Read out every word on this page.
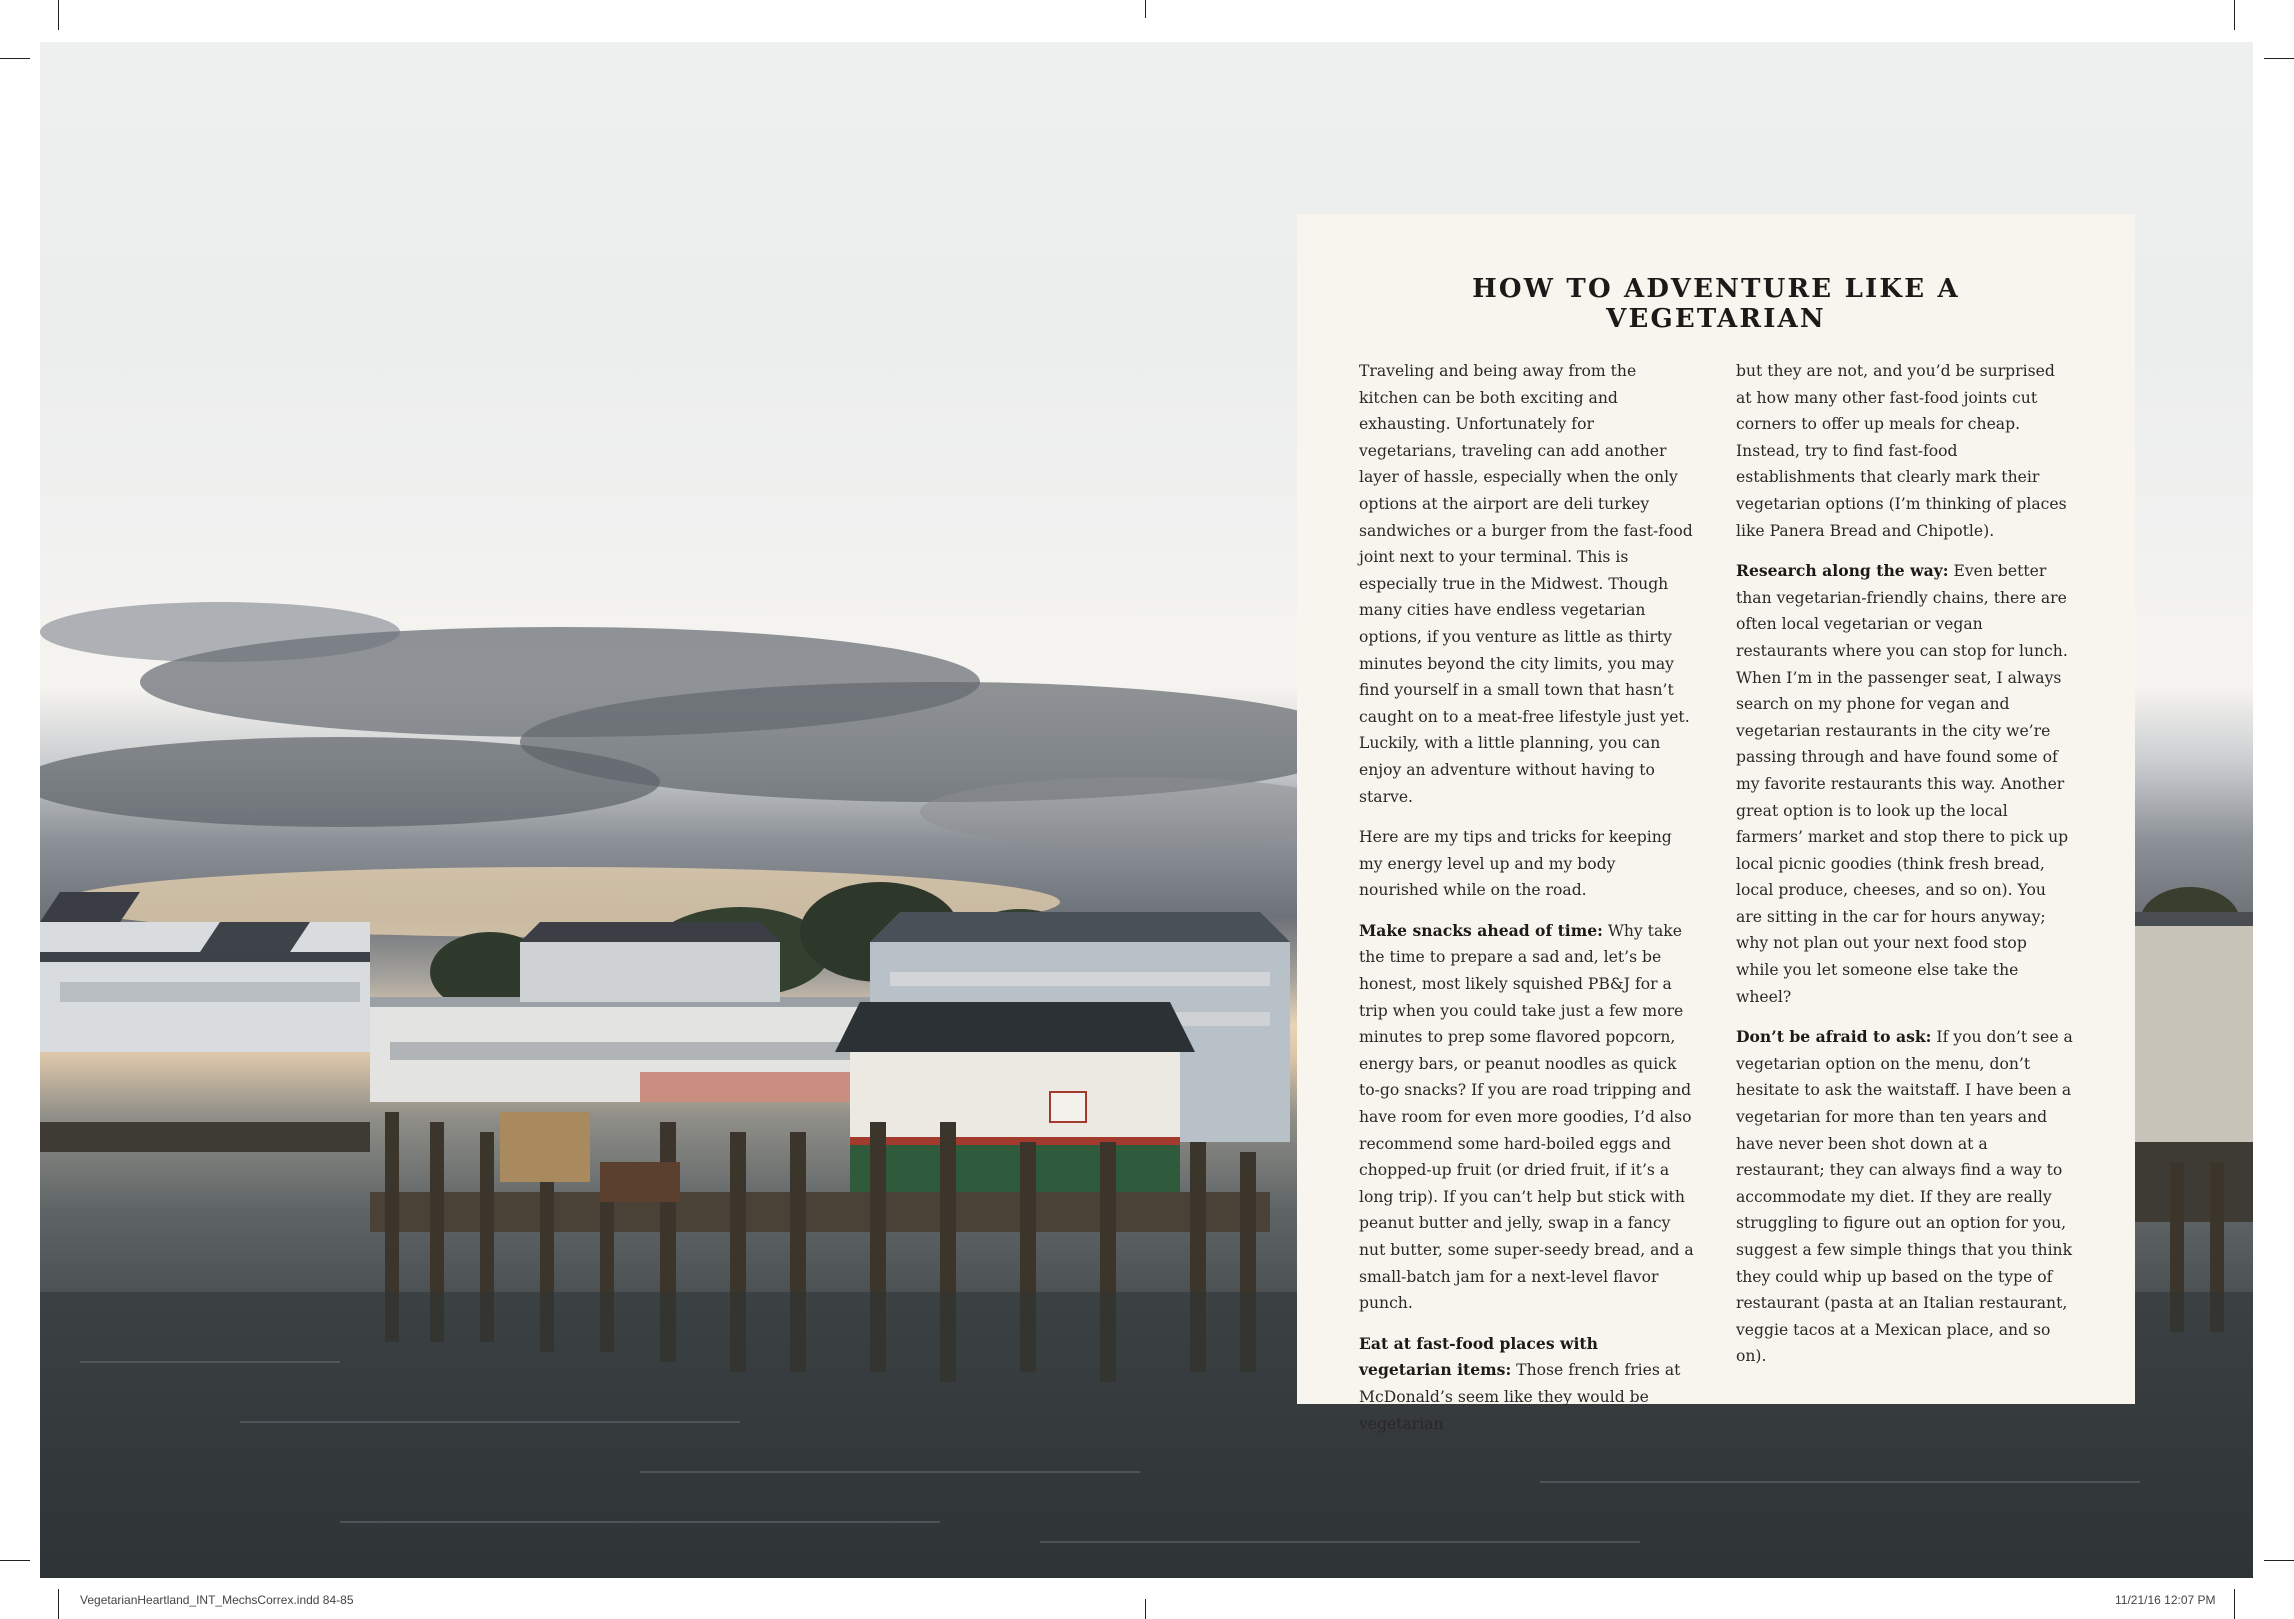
HOW TO ADVENTURE LIKE A VEGETARIAN

Traveling and being away from the kitchen can be both exciting and exhausting. Unfortunately for vegetarians, traveling can add another layer of hassle, especially when the only options at the airport are deli turkey sandwiches or a burger from the fast-food joint next to your terminal. This is especially true in the Midwest. Though many cities have endless vegetarian options, if you venture as little as thirty minutes beyond the city limits, you may find yourself in a small town that hasn’t caught on to a meat-free lifestyle just yet. Luckily, with a little planning, you can enjoy an adventure without having to starve.

Here are my tips and tricks for keeping my energy level up and my body nourished while on the road.

Make snacks ahead of time: Why take the time to prepare a sad and, let’s be honest, most likely squished PB&J for a trip when you could take just a few more minutes to prep some flavored popcorn, energy bars, or peanut noodles as quick to-go snacks? If you are road tripping and have room for even more goodies, I’d also recommend some hard-boiled eggs and chopped-up fruit (or dried fruit, if it’s a long trip). If you can’t help but stick with peanut butter and jelly, swap in a fancy nut butter, some super-seedy bread, and a small-batch jam for a next-level flavor punch.

Eat at fast-food places with vegetarian items: Those french fries at McDonald’s seem like they would be vegetarian

but they are not, and you’d be surprised at how many other fast-food joints cut corners to offer up meals for cheap. Instead, try to find fast-food establishments that clearly mark their vegetarian options (I’m thinking of places like Panera Bread and Chipotle).

Research along the way: Even better than vegetarian-friendly chains, there are often local vegetarian or vegan restaurants where you can stop for lunch. When I’m in the passenger seat, I always search on my phone for vegan and vegetarian restaurants in the city we’re passing through and have found some of my favorite restaurants this way. Another great option is to look up the local farmers’ market and stop there to pick up local picnic goodies (think fresh bread, local produce, cheeses, and so on). You are sitting in the car for hours anyway; why not plan out your next food stop while you let someone else take the wheel?

Don’t be afraid to ask: If you don’t see a vegetarian option on the menu, don’t hesitate to ask the waitstaff. I have been a vegetarian for more than ten years and have never been shot down at a restaurant; they can always find a way to accommodate my diet. If they are really struggling to figure out an option for you, suggest a few simple things that you think they could whip up based on the type of restaurant (pasta at an Italian restaurant, veggie tacos at a Mexican place, and so on).

VegetarianHeartland_INT_MechsCorrex.indd 84-85	11/21/16 12:07 PM
